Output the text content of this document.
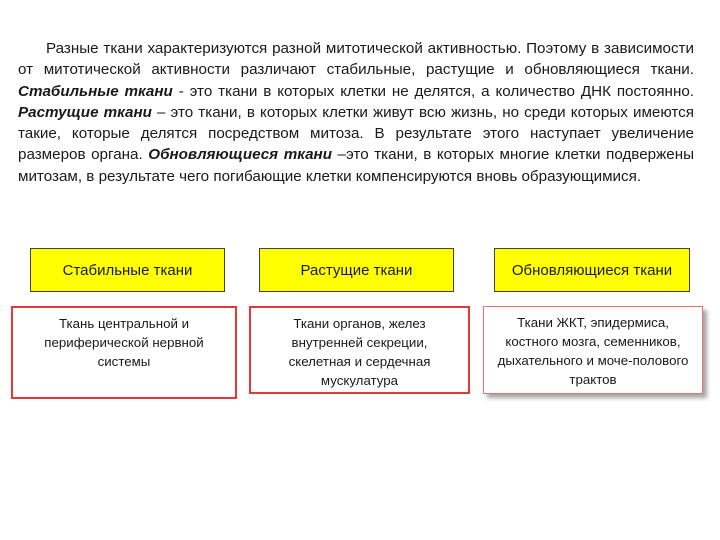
Разные ткани характеризуются разной митотической активностью. Поэтому в зависимости от митотической активности различают стабильные, растущие и обновляющиеся ткани. Стабильные ткани - это ткани в которых клетки не делятся, а количество ДНК постоянно. Растущие ткани – это ткани, в которых клетки живут всю жизнь, но среди которых имеются такие, которые делятся посредством митоза. В результате этого наступает увеличение размеров органа. Обновляющиеся ткани –это ткани, в которых многие клетки подвержены митозам, в результате чего погибающие клетки компенсируются вновь образующимися.

Стабильные ткани	Растущие ткани	Обновляющиеся ткани
Ткань центральной и периферической нервной системы
Ткани органов, желез внутренней секреции, скелетная и сердечная мускулатура
Ткани ЖКТ, эпидермиса, костного мозга, семенников, дыхательного и моче-полового трактов
